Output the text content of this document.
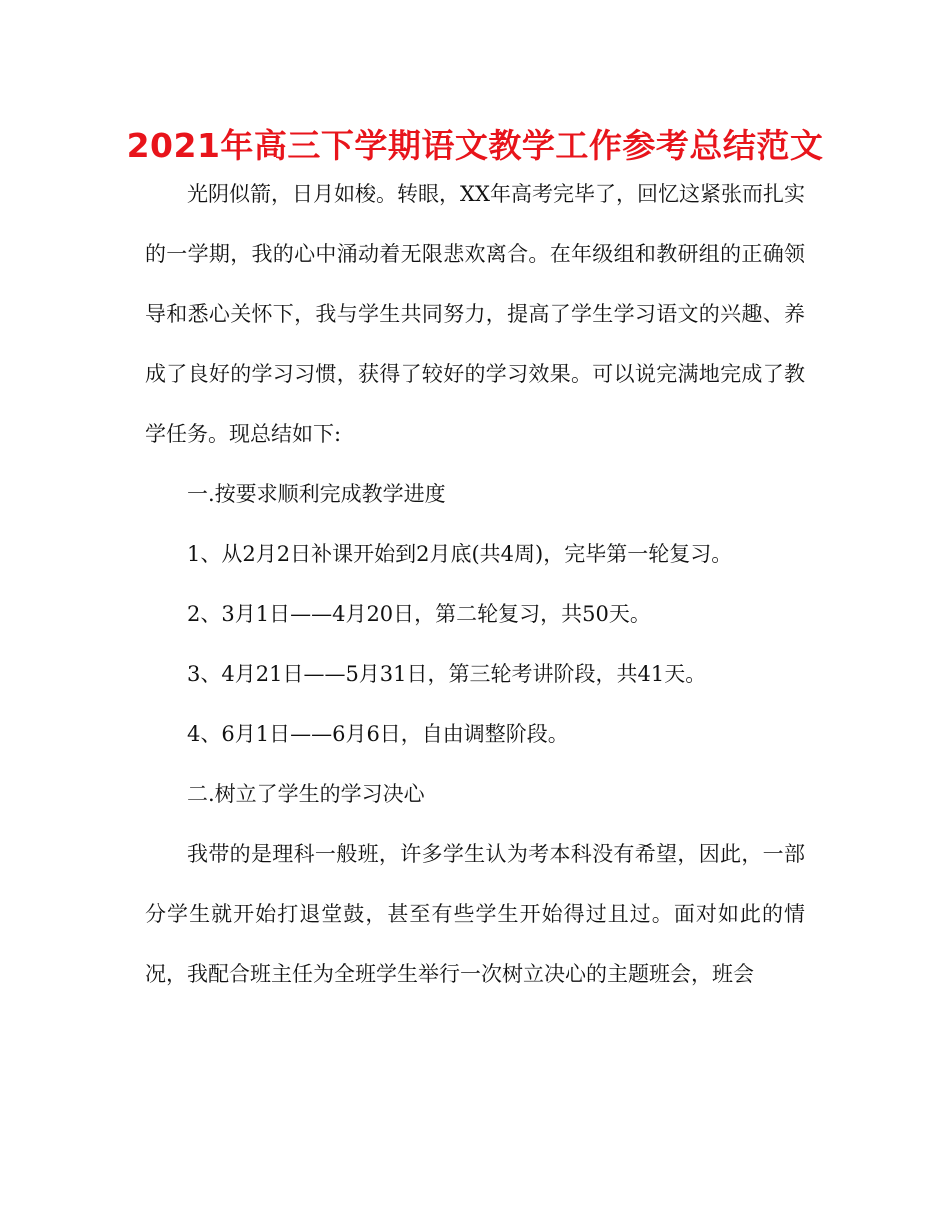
2021年高三下学期语文教学工作参考总结范文
光阴似箭，日月如梭。转眼，XX年高考完毕了，回忆这紧张而扎实的一学期，我的心中涌动着无限悲欢离合。在年级组和教研组的正确领导和悉心关怀下，我与学生共同努力，提高了学生学习语文的兴趣、养成了良好的学习习惯，获得了较好的学习效果。可以说完满地完成了教学任务。现总结如下:
一.按要求顺利完成教学进度
1、从2月2日补课开始到2月底(共4周)，完毕第一轮复习。
2、3月1日——4月20日，第二轮复习，共50天。
3、4月21日——5月31日，第三轮考讲阶段，共41天。
4、6月1日——6月6日，自由调整阶段。
二.树立了学生的学习决心
我带的是理科一般班，许多学生认为考本科没有希望，因此，一部分学生就开始打退堂鼓，甚至有些学生开始得过且过。面对如此的情况，我配合班主任为全班学生举行一次树立决心的主题班会，班会
